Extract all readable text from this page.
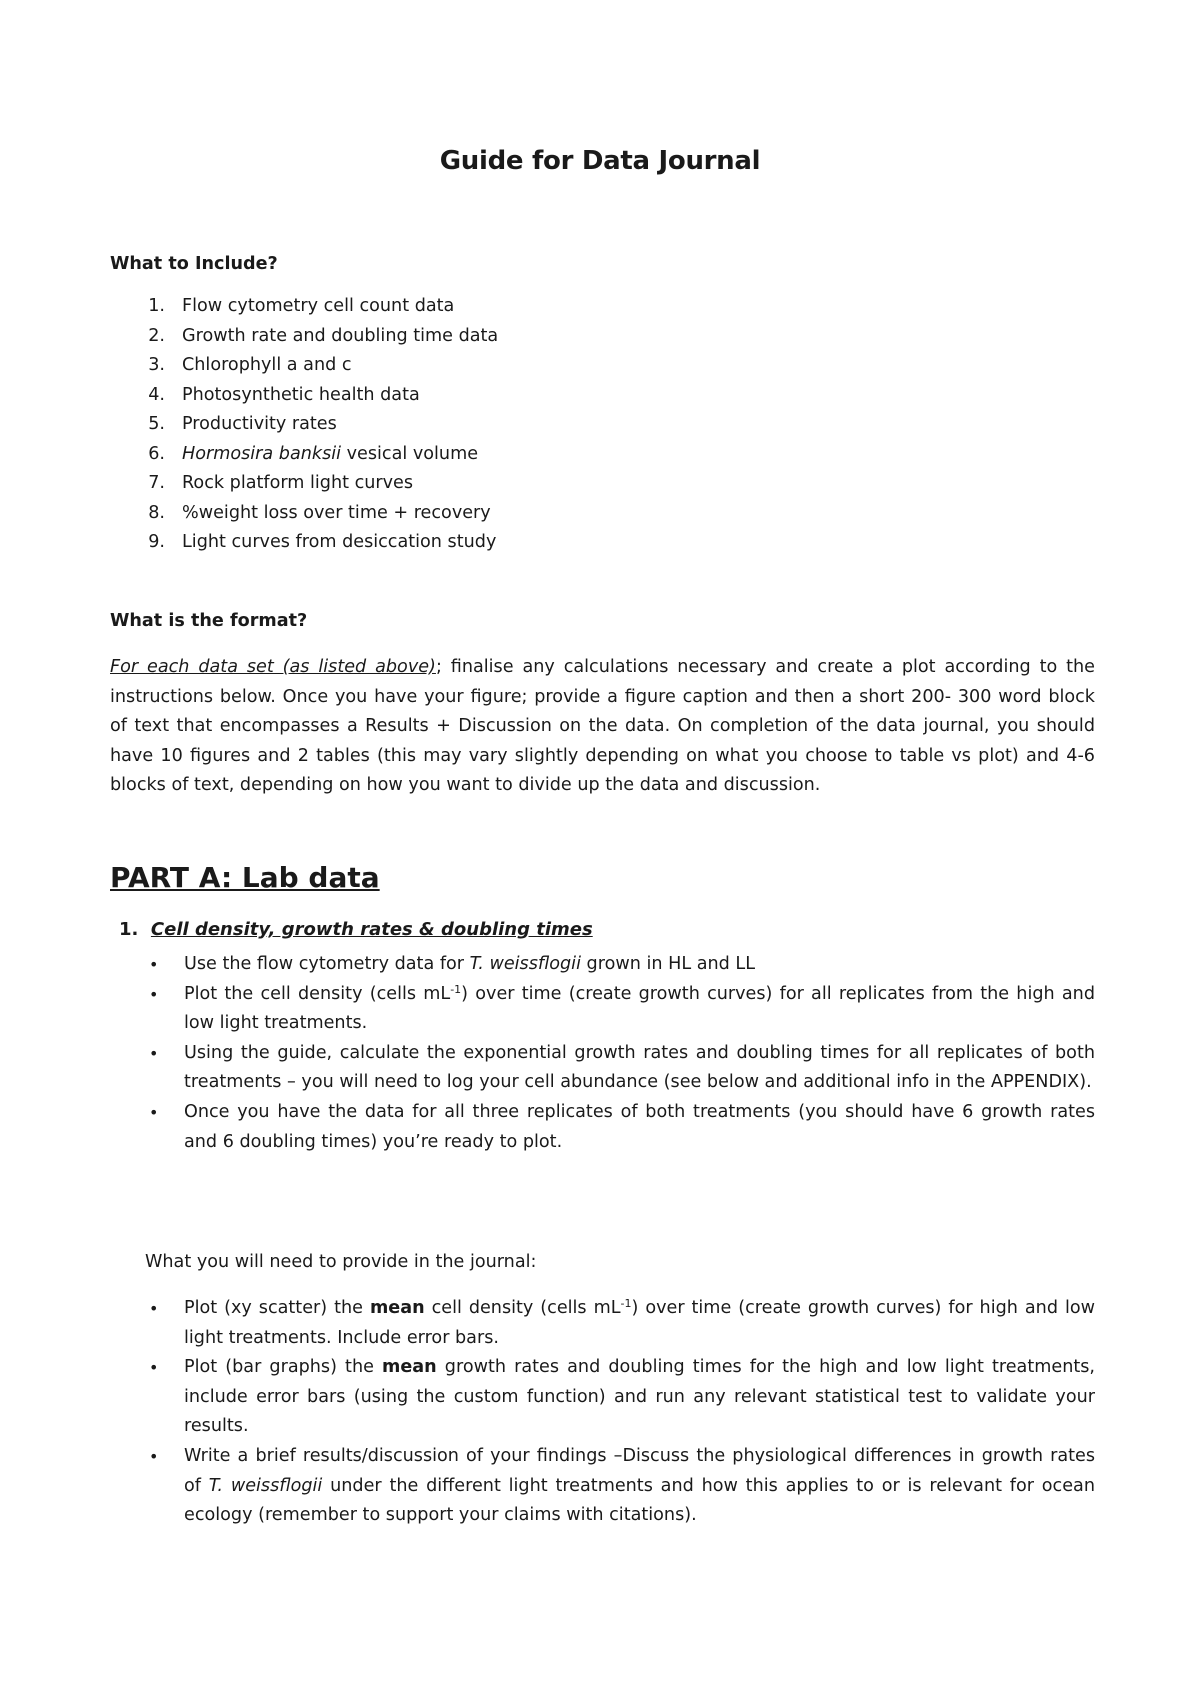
Guide for Data Journal
What to Include?
1. Flow cytometry cell count data
2. Growth rate and doubling time data
3. Chlorophyll a and c
4. Photosynthetic health data
5. Productivity rates
6. Hormosira banksii vesical volume
7. Rock platform light curves
8. %weight loss over time + recovery
9. Light curves from desiccation study
What is the format?

For each data set (as listed above); finalise any calculations necessary and create a plot according to the instructions below. Once you have your figure; provide a figure caption and then a short 200- 300 word block of text that encompasses a Results + Discussion on the data. On completion of the data journal, you should have 10 figures and 2 tables (this may vary slightly depending on what you choose to table vs plot) and 4-6 blocks of text, depending on how you want to divide up the data and discussion.

PART A: Lab data
1. Cell density, growth rates & doubling times
• Use the flow cytometry data for T. weissflogii grown in HL and LL
• Plot the cell density (cells $mL^{-1}$) over time (create growth curves) for all replicates from the high and low light treatments.
• Using the guide, calculate the exponential growth rates and doubling times for all replicates of both treatments – you will need to log your cell abundance (see below and additional info in the APPENDIX).
• Once you have the data for all three replicates of both treatments (you should have 6 growth rates and 6 doubling times) you’re ready to plot.
What you will need to provide in the journal:
• Plot (xy scatter) the mean cell density (cells $mL^{-1}$) over time (create growth curves) for high and low light treatments. Include error bars.
• Plot (bar graphs) the mean growth rates and doubling times for the high and low light treatments, include error bars (using the custom function) and run any relevant statistical test to validate your results.
• Write a brief results/discussion of your findings –Discuss the physiological differences in growth rates of T. weissflogii under the different light treatments and how this applies to or is relevant for ocean ecology (remember to support your claims with citations).
